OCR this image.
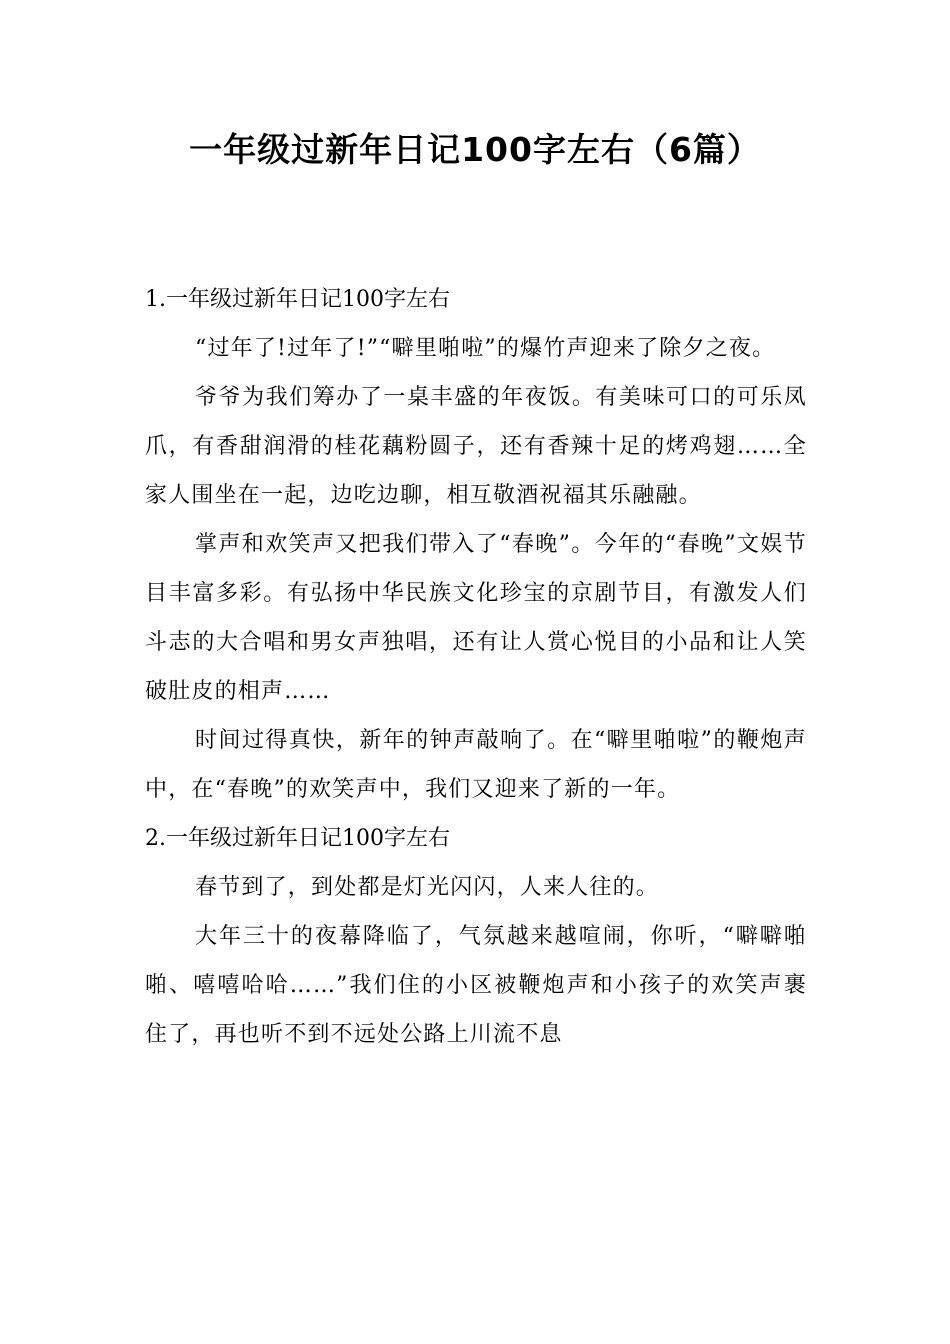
一年级过新年日记100字左右（6篇）
1.一年级过新年日记100字左右

“过年了!过年了!”“噼里啪啦”的爆竹声迎来了除夕之夜。

爷爷为我们筹办了一桌丰盛的年夜饭。有美味可口的可乐凤爪，有香甜润滑的桂花藕粉圆子，还有香辣十足的烤鸡翅……全家人围坐在一起，边吃边聊，相互敬酒祝福其乐融融。

掌声和欢笑声又把我们带入了“春晚”。今年的“春晚”文娱节目丰富多彩。有弘扬中华民族文化珍宝的京剧节目，有激发人们斗志的大合唱和男女声独唱，还有让人赏心悦目的小品和让人笑破肚皮的相声……

时间过得真快，新年的钟声敲响了。在“噼里啪啦”的鞭炮声中，在“春晚”的欢笑声中，我们又迎来了新的一年。

2.一年级过新年日记100字左右

春节到了，到处都是灯光闪闪，人来人往的。

大年三十的夜幕降临了，气氛越来越喧闹，你听，“噼噼啪啪、嘻嘻哈哈……”我们住的小区被鞭炮声和小孩子的欢笑声裹住了，再也听不到不远处公路上川流不息
